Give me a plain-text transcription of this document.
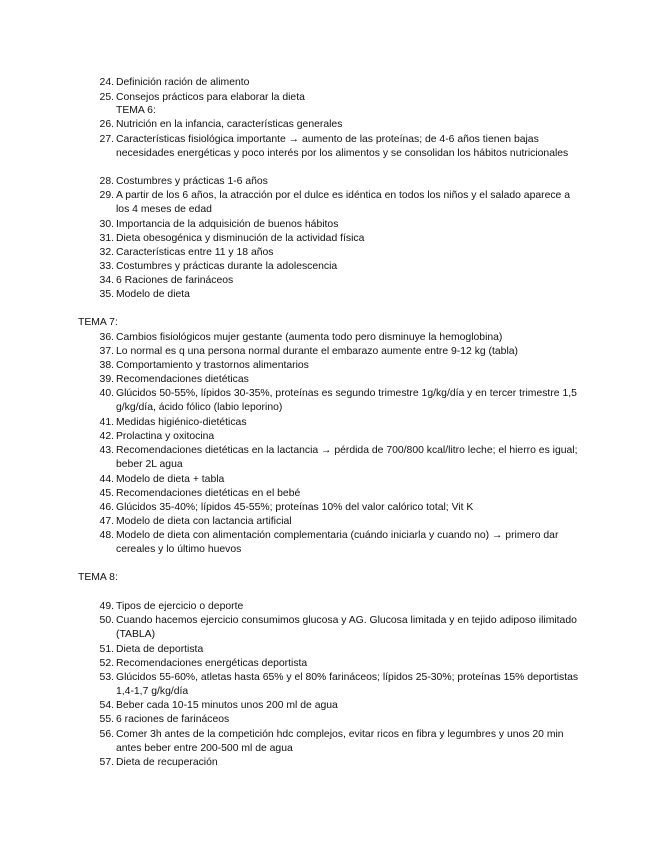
24. Definición ración de alimento
25. Consejos prácticos para elaborar la dieta
26. Nutrición en la infancia, características generales
27. Características fisiológica importante → aumento de las proteínas; de 4-6 años tienen bajas necesidades energéticas y poco interés por los alimentos y se consolidan los hábitos nutricionales
28. Costumbres y prácticas 1-6 años
29. A partir de los 6 años, la atracción por el dulce es idéntica en todos los niños y el salado aparece a los 4 meses de edad
30. Importancia de la adquisición de buenos hábitos
31. Dieta obesogénica y disminución de la actividad física
32. Características entre 11 y 18 años
33. Costumbres y prácticas durante la adolescencia
34. 6 Raciones de farináceos
35. Modelo de dieta
36. Cambios fisiológicos mujer gestante (aumenta todo pero disminuye la hemoglobina)
37. Lo normal es q una persona normal durante el embarazo aumente entre 9-12 kg (tabla)
38. Comportamiento y trastornos alimentarios
39. Recomendaciones dietéticas
40. Glúcidos 50-55%, lípidos 30-35%, proteínas es segundo trimestre 1g/kg/día y en tercer trimestre 1,5 g/kg/día, ácido fólico (labio leporino)
41. Medidas higiénico-dietéticas
42. Prolactina y oxitocina
43. Recomendaciones dietéticas en la lactancia → pérdida de 700/800 kcal/litro leche; el hierro es igual; beber 2L agua
44. Modelo de dieta + tabla
45. Recomendaciones dietéticas en el bebé
46. Glúcidos 35-40%; lípidos 45-55%; proteínas 10% del valor calórico total; Vit K
47. Modelo de dieta con lactancia artificial
48. Modelo de dieta con alimentación complementaria (cuándo iniciarla y cuando no) → primero dar cereales y lo último huevos
49. Tipos de ejercicio o deporte
50. Cuando hacemos ejercicio consumimos glucosa y AG. Glucosa limitada y en tejido adiposo ilimitado (TABLA)
51. Dieta de deportista
52. Recomendaciones energéticas deportista
53. Glúcidos 55-60%, atletas hasta 65% y el 80% farináceos; lípidos 25-30%; proteínas 15% deportistas 1,4-1,7 g/kg/día
54. Beber cada 10-15 minutos unos 200 ml de agua
55. 6 raciones de farináceos
56. Comer 3h antes de la competición hdc complejos, evitar ricos en fibra y legumbres y unos 20 min antes beber entre 200-500 ml de agua
57. Dieta de recuperación
TEMA 6:
TEMA 7:
TEMA 8:
